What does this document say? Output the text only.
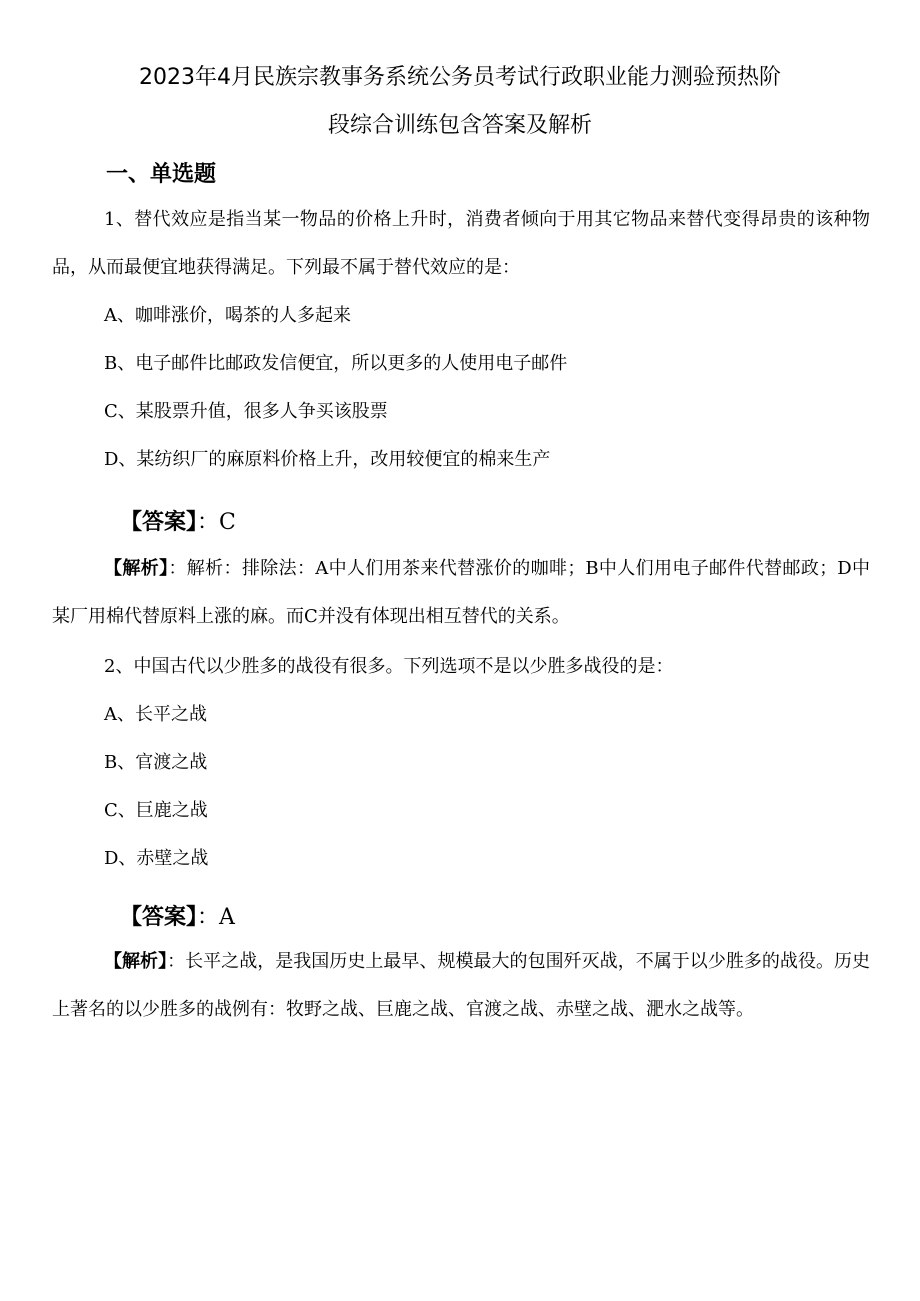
2023年4月民族宗教事务系统公务员考试行政职业能力测验预热阶
段综合训练包含答案及解析
一、单选题
1、替代效应是指当某一物品的价格上升时，消费者倾向于用其它物品来替代变得昂贵的该种物品，从而最便宜地获得满足。下列最不属于替代效应的是：
A、咖啡涨价，喝茶的人多起来
B、电子邮件比邮政发信便宜，所以更多的人使用电子邮件
C、某股票升值，很多人争买该股票
D、某纺织厂的麻原料价格上升，改用较便宜的棉来生产
【答案】：C
【解析】：解析：排除法：A中人们用茶来代替涨价的咖啡；B中人们用电子邮件代替邮政；D中某厂用棉代替原料上涨的麻。而C并没有体现出相互替代的关系。
2、中国古代以少胜多的战役有很多。下列选项不是以少胜多战役的是：
A、长平之战
B、官渡之战
C、巨鹿之战
D、赤壁之战
【答案】：A
【解析】：长平之战，是我国历史上最早、规模最大的包围歼灭战，不属于以少胜多的战役。历史上著名的以少胜多的战例有：牧野之战、巨鹿之战、官渡之战、赤壁之战、淝水之战等。
